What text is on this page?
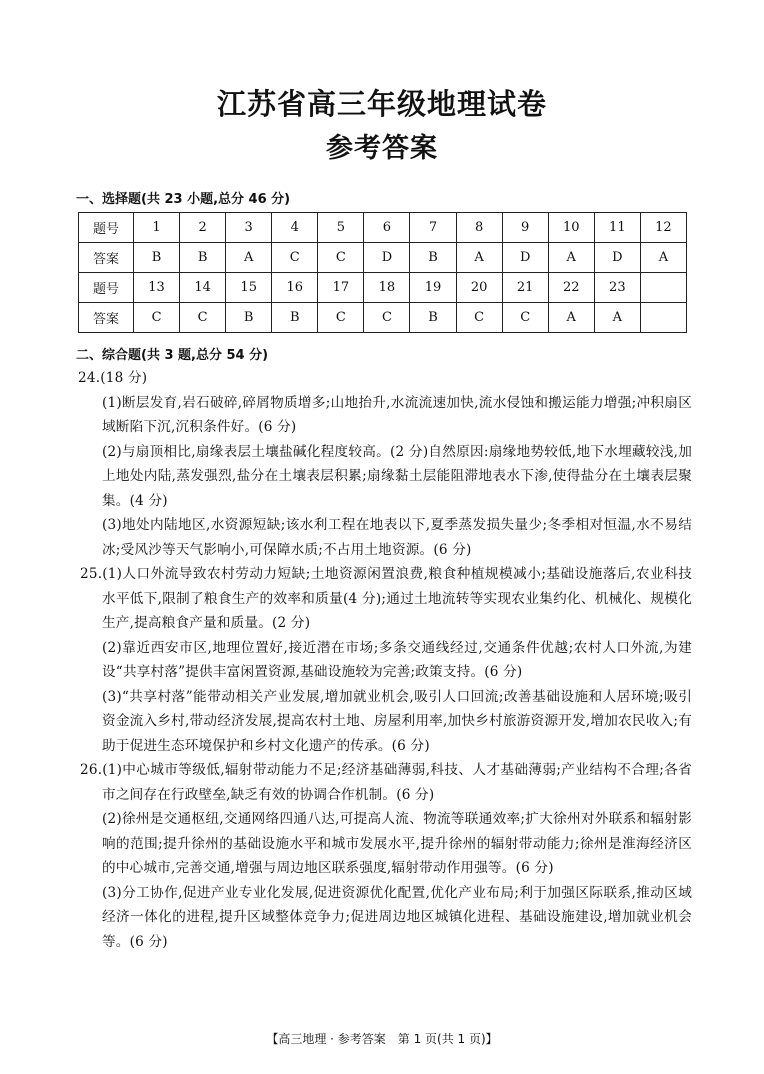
江苏省高三年级地理试卷
参考答案
一、选择题(共 23 小题,总分 46 分)
题号	1	2	3	4	5	6	7	8	9	10	11	12
答案	B	B	A	C	C	D	B	A	D	A	D	A
题号	13	14	15	16	17	18	19	20	21	22	23	
答案	C	C	B	B	C	C	B	C	C	A	A	
二、综合题(共 3 题,总分 54 分)

24.(18 分)

(1)断层发育,岩石破碎,碎屑物质增多;山地抬升,水流流速加快,流水侵蚀和搬运能力增强;冲积扇区域断陷下沉,沉积条件好。(6 分)

(2)与扇顶相比,扇缘表层土壤盐碱化程度较高。(2 分)自然原因:扇缘地势较低,地下水埋藏较浅,加上地处内陆,蒸发强烈,盐分在土壤表层积累;扇缘黏土层能阻滞地表水下渗,使得盐分在土壤表层聚集。(4 分)

(3)地处内陆地区,水资源短缺;该水利工程在地表以下,夏季蒸发损失量少;冬季相对恒温,水不易结冰;受风沙等天气影响小,可保障水质;不占用土地资源。(6 分)

25.(1)人口外流导致农村劳动力短缺;土地资源闲置浪费,粮食种植规模减小;基础设施落后,农业科技水平低下,限制了粮食生产的效率和质量(4 分);通过土地流转等实现农业集约化、机械化、规模化生产,提高粮食产量和质量。(2 分)

(2)靠近西安市区,地理位置好,接近潜在市场;多条交通线经过,交通条件优越;农村人口外流,为建设“共享村落”提供丰富闲置资源,基础设施较为完善;政策支持。(6 分)

(3)“共享村落”能带动相关产业发展,增加就业机会,吸引人口回流;改善基础设施和人居环境;吸引资金流入乡村,带动经济发展,提高农村土地、房屋利用率,加快乡村旅游资源开发,增加农民收入;有助于促进生态环境保护和乡村文化遗产的传承。(6 分)

26.(1)中心城市等级低,辐射带动能力不足;经济基础薄弱,科技、人才基础薄弱;产业结构不合理;各省市之间存在行政壁垒,缺乏有效的协调合作机制。(6 分)

(2)徐州是交通枢纽,交通网络四通八达,可提高人流、物流等联通效率;扩大徐州对外联系和辐射影响的范围;提升徐州的基础设施水平和城市发展水平,提升徐州的辐射带动能力;徐州是淮海经济区的中心城市,完善交通,增强与周边地区联系强度,辐射带动作用强等。(6 分)

(3)分工协作,促进产业专业化发展,促进资源优化配置,优化产业布局;利于加强区际联系,推动区域经济一体化的进程,提升区域整体竞争力;促进周边地区城镇化进程、基础设施建设,增加就业机会等。(6 分)

【高三地理 · 参考答案　第 1 页(共 1 页)】
